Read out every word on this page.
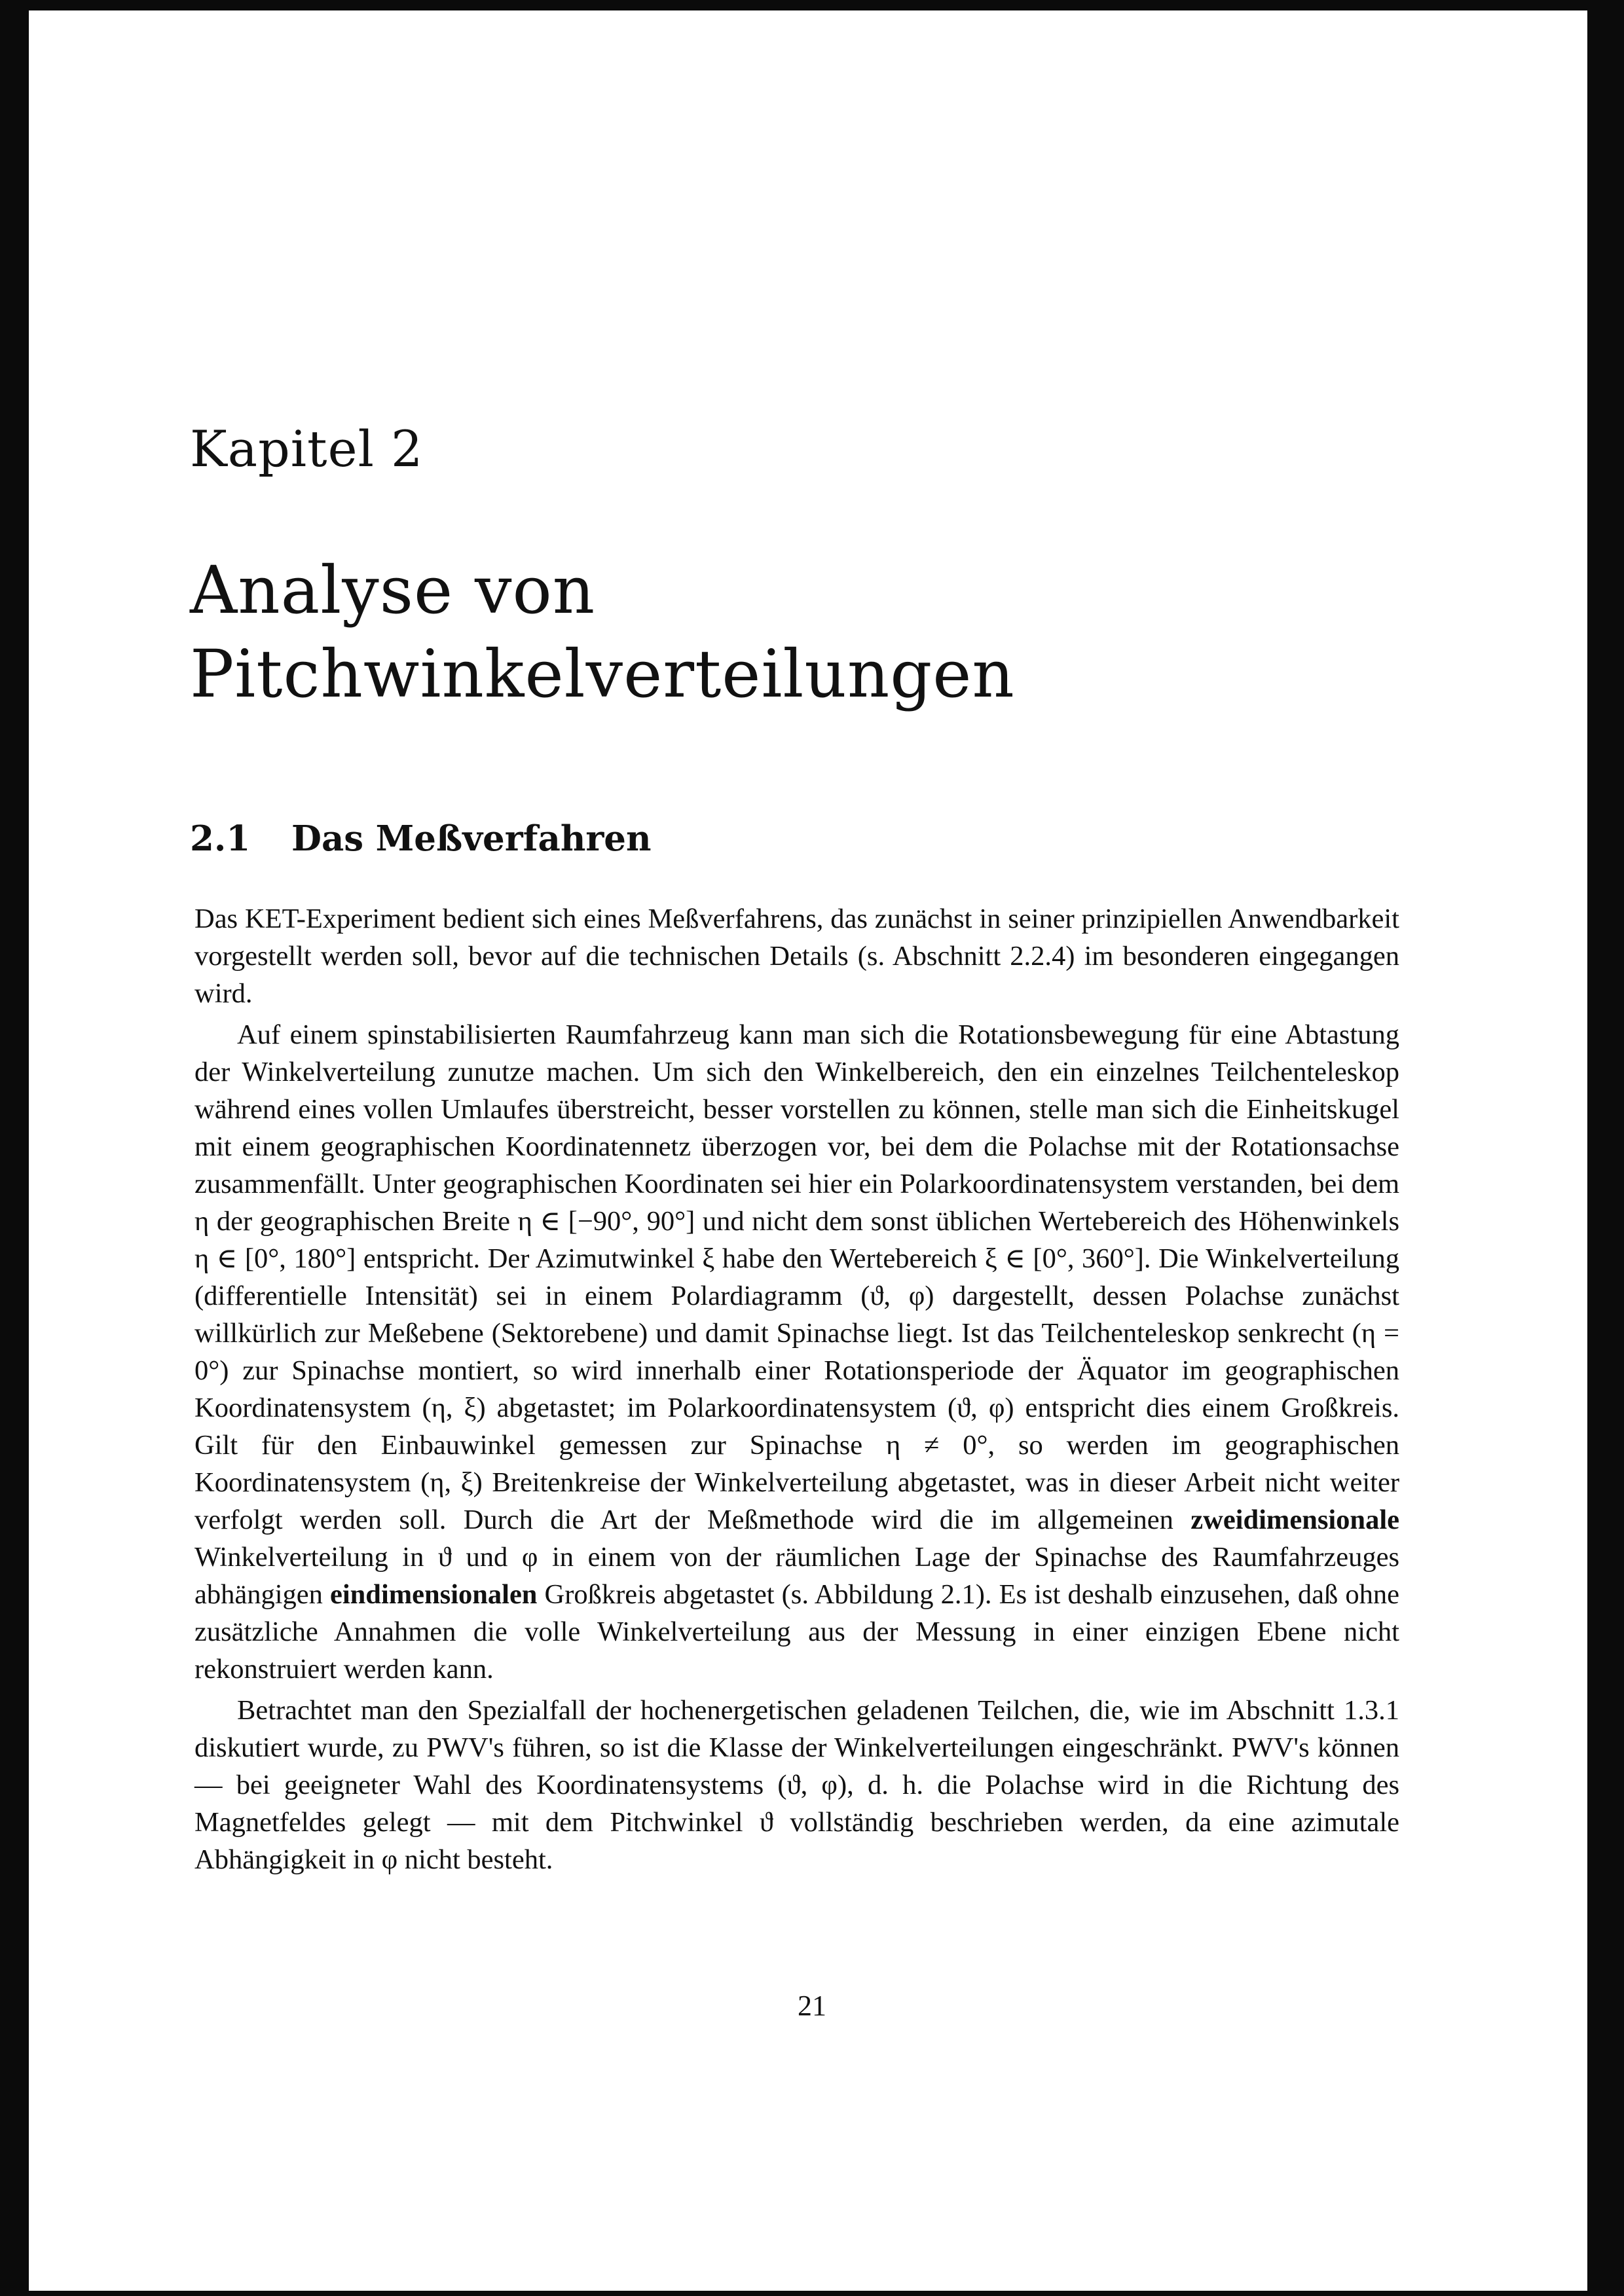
Kapitel 2
Analyse von Pitchwinkelverteilungen
2.1 Das Meßverfahren

Das KET-Experiment bedient sich eines Meßverfahrens, das zunächst in seiner prinzipiellen Anwendbarkeit vorgestellt werden soll, bevor auf die technischen Details (s. Abschnitt 2.2.4) im besonderen eingegangen wird.

Auf einem spinstabilisierten Raumfahrzeug kann man sich die Rotationsbewegung für eine Abtastung der Winkelverteilung zunutze machen. Um sich den Winkelbereich, den ein einzelnes Teilchenteleskop während eines vollen Umlaufes überstreicht, besser vorstellen zu können, stelle man sich die Einheitskugel mit einem geographischen Koordinatennetz überzogen vor, bei dem die Polachse mit der Rotationsachse zusammenfällt. Unter geographischen Koordinaten sei hier ein Polarkoordinatensystem verstanden, bei dem η der geographischen Breite η ∈ [−90°, 90°] und nicht dem sonst üblichen Wertebereich des Höhenwinkels η ∈ [0°, 180°] entspricht. Der Azimutwinkel ξ habe den Wertebereich ξ ∈ [0°, 360°]. Die Winkelverteilung (differentielle Intensität) sei in einem Polardiagramm (ϑ, φ) dargestellt, dessen Polachse zunächst willkürlich zur Meßebene (Sektorebene) und damit Spinachse liegt. Ist das Teilchenteleskop senkrecht (η = 0°) zur Spinachse montiert, so wird innerhalb einer Rotationsperiode der Äquator im geographischen Koordinatensystem (η, ξ) abgetastet; im Polarkoordinatensystem (ϑ, φ) entspricht dies einem Großkreis. Gilt für den Einbauwinkel gemessen zur Spinachse η ≠ 0°, so werden im geographischen Koordinatensystem (η, ξ) Breitenkreise der Winkelverteilung abgetastet, was in dieser Arbeit nicht weiter verfolgt werden soll. Durch die Art der Meßmethode wird die im allgemeinen zweidimensionale Winkelverteilung in ϑ und φ in einem von der räumlichen Lage der Spinachse des Raumfahrzeuges abhängigen eindimensionalen Großkreis abgetastet (s. Abbildung 2.1). Es ist deshalb einzusehen, daß ohne zusätzliche Annahmen die volle Winkelverteilung aus der Messung in einer einzigen Ebene nicht rekonstruiert werden kann.

Betrachtet man den Spezialfall der hochenergetischen geladenen Teilchen, die, wie im Abschnitt 1.3.1 diskutiert wurde, zu PWV's führen, so ist die Klasse der Winkelverteilungen eingeschränkt. PWV's können — bei geeigneter Wahl des Koordinatensystems (ϑ, φ), d. h. die Polachse wird in die Richtung des Magnetfeldes gelegt — mit dem Pitchwinkel ϑ vollständig beschrieben werden, da eine azimutale Abhängigkeit in φ nicht besteht.

21
